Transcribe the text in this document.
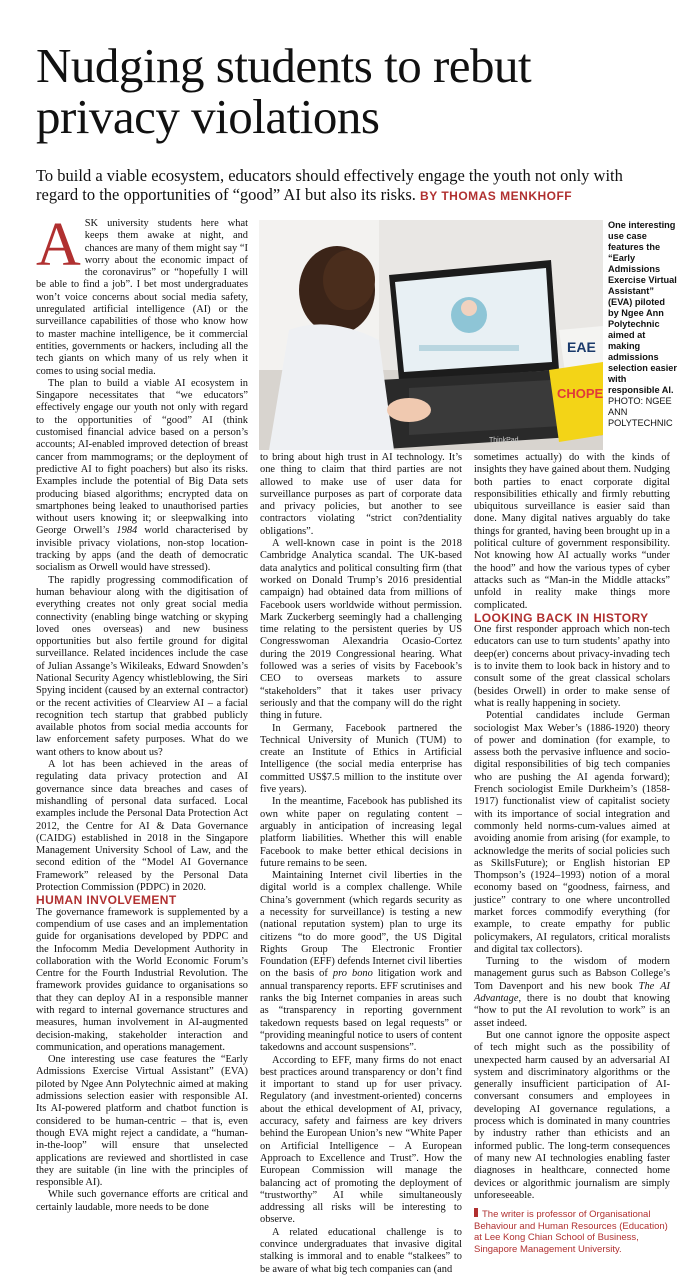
Nudging students to rebut privacy violations

To build a viable ecosystem, educators should effectively engage the youth not only with regard to the opportunities of “good” AI but also its risks. BY THOMAS MENKHOFF

ThinkPad
EAE
CHOPE
One interesting use case features the “Early Admissions Exercise Virtual Assistant” (EVA) piloted by Ngee Ann Polytechnic aimed at making admissions selection easier with responsible AI. PHOTO: NGEE ANN POLYTECHNIC

ASK university students here what keeps them awake at night, and chances are many of them might say “I worry about the economic impact of the coronavirus” or “hopefully I will be able to find a job”. I bet most undergraduates won’t voice concerns about social media safety, unregulated artificial intelligence (AI) or the surveillance capabilities of those who know how to master machine intelligence, be it commercial entities, governments or hackers, including all the tech giants on which many of us rely when it comes to using social media.

The plan to build a viable AI ecosystem in Singapore necessitates that “we educators” effectively engage our youth not only with regard to the opportunities of “good” AI (think customised financial advice based on a person’s accounts; AI-enabled improved detection of breast cancer from mammograms; or the deployment of predictive AI to fight poachers) but also its risks. Examples include the potential of Big Data sets producing biased algorithms; encrypted data on smartphones being leaked to unauthorised parties without users knowing it; or sleepwalking into George Orwell’s 1984 world characterised by invisible privacy violations, non-stop location-tracking by apps (and the death of democratic socialism as Orwell would have stressed).

The rapidly progressing commodification of human behaviour along with the digitisation of everything creates not only great social media connectivity (enabling binge watching or skyping loved ones overseas) and new business opportunities but also fertile ground for digital surveillance. Related incidences include the case of Julian Assange’s Wikileaks, Edward Snowden’s National Security Agency whistleblowing, the Siri Spying incident (caused by an external contractor) or the recent activities of Clearview AI – a facial recognition tech startup that grabbed publicly available photos from social media accounts for law enforcement safety purposes. What do we want others to know about us?

A lot has been achieved in the areas of regulating data privacy protection and AI governance since data breaches and cases of mishandling of personal data surfaced. Local examples include the Personal Data Protection Act 2012, the Centre for AI & Data Governance (CAIDG) established in 2018 in the Singapore Management University School of Law, and the second edition of the “Model AI Governance Framework” released by the Personal Data Protection Commission (PDPC) in 2020.

HUMAN INVOLVEMENT

The governance framework is supplemented by a compendium of use cases and an implementation guide for organisations developed by PDPC and the Infocomm Media Development Authority in collaboration with the World Economic Forum’s Centre for the Fourth Industrial Revolution. The framework provides guidance to organisations so that they can deploy AI in a responsible manner with regard to internal governance structures and measures, human involvement in AI-augmented decision-making, stakeholder interaction and communication, and operations management.

One interesting use case features the “Early Admissions Exercise Virtual Assistant” (EVA) piloted by Ngee Ann Polytechnic aimed at making admissions selection easier with responsible AI. Its AI-powered platform and chatbot function is considered to be human-centric – that is, even though EVA might reject a candidate, a “human-in-the-loop” will ensure that unselected applications are reviewed and shortlisted in case they are suitable (in line with the principles of responsible AI).

While such governance efforts are critical and certainly laudable, more needs to be done

to bring about high trust in AI technology. It’s one thing to claim that third parties are not allowed to make use of user data for surveillance purposes as part of corporate data and privacy policies, but another to see contractors violating “strict con?dentiality obligations”.

A well-known case in point is the 2018 Cambridge Analytica scandal. The UK-based data analytics and political consulting firm (that worked on Donald Trump’s 2016 presidential campaign) had obtained data from millions of Facebook users worldwide without permission. Mark Zuckerberg seemingly had a challenging time relating to the persistent queries by US Congresswoman Alexandria Ocasio-Cortez during the 2019 Congressional hearing. What followed was a series of visits by Facebook’s CEO to overseas markets to assure “stakeholders” that it takes user privacy seriously and that the company will do the right thing in future.

In Germany, Facebook partnered the Technical University of Munich (TUM) to create an Institute of Ethics in Artificial Intelligence (the social media enterprise has committed US$7.5 million to the institute over five years).

In the meantime, Facebook has published its own white paper on regulating content – arguably in anticipation of increasing legal platform liabilities. Whether this will enable Facebook to make better ethical decisions in future remains to be seen.

Maintaining Internet civil liberties in the digital world is a complex challenge. While China’s government (which regards security as a necessity for surveillance) is testing a new (national reputation system) plan to urge its citizens “to do more good”, the US Digital Rights Group The Electronic Frontier Foundation (EFF) defends Internet civil liberties on the basis of pro bono litigation work and annual transparency reports. EFF scrutinises and ranks the big Internet companies in areas such as “transparency in reporting government takedown requests based on legal requests” or “providing meaningful notice to users of content takedowns and account suspensions”.

According to EFF, many firms do not enact best practices around transparency or don’t find it important to stand up for user privacy. Regulatory (and investment-oriented) concerns about the ethical development of AI, privacy, accuracy, safety and fairness are key drivers behind the European Union’s new “White Paper on Artificial Intelligence – A European Approach to Excellence and Trust”. How the European Commission will manage the balancing act of promoting the deployment of “trustworthy” AI while simultaneously addressing all risks will be interesting to observe.

A related educational challenge is to convince undergraduates that invasive digital stalking is immoral and to enable “stalkees” to be aware of what big tech companies can (and

sometimes actually) do with the kinds of insights they have gained about them. Nudging both parties to enact corporate digital responsibilities ethically and firmly rebutting ubiquitous surveillance is easier said than done. Many digital natives arguably do take things for granted, having been brought up in a political culture of government responsibility. Not knowing how AI actually works “under the hood” and how the various types of cyber attacks such as “Man-in the Middle attacks” unfold in reality make things more complicated.

LOOKING BACK IN HISTORY

One first responder approach which non-tech educators can use to turn students’ apathy into deep(er) concerns about privacy-invading tech is to invite them to look back in history and to consult some of the great classical scholars (besides Orwell) in order to make sense of what is really happening in society.

Potential candidates include German sociologist Max Weber’s (1886-1920) theory of power and domination (for example, to assess both the pervasive influence and socio-digital responsibilities of big tech companies who are pushing the AI agenda forward); French sociologist Emile Durkheim’s (1858-1917) functionalist view of capitalist society with its importance of social integration and commonly held norms-cum-values aimed at avoiding anomie from arising (for example, to acknowledge the merits of social policies such as SkillsFuture); or English historian EP Thompson’s (1924–1993) notion of a moral economy based on “goodness, fairness, and justice” contrary to one where uncontrolled market forces commodify everything (for example, to create empathy for public policymakers, AI regulators, critical moralists and digital tax collectors).

Turning to the wisdom of modern management gurus such as Babson College’s Tom Davenport and his new book The AI Advantage, there is no doubt that knowing “how to put the AI revolution to work” is an asset indeed.

But one cannot ignore the opposite aspect of tech might such as the possibility of unexpected harm caused by an adversarial AI system and discriminatory algorithms or the generally insufficient participation of AI-conversant consumers and employees in developing AI governance regulations, a process which is dominated in many countries by industry rather than ethicists and an informed public. The long-term consequences of many new AI technologies enabling faster diagnoses in healthcare, connected home devices or algorithmic journalism are simply unforeseeable.

The writer is professor of Organisational Behaviour and Human Resources (Education) at Lee Kong Chian School of Business, Singapore Management University.
